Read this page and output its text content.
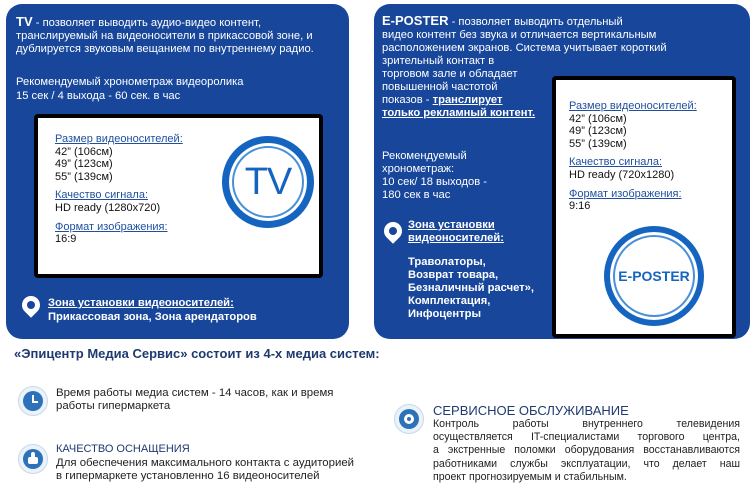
TV - позволяет выводить аудио-видео контент, транслируемый на видеоносители в прикассовой зоне, и дублируется звуковым вещанием по внутреннему радио.
Рекомендуемый хронометраж видеоролика
15 сек / 4 выхода - 60 сек. в час
Размер видеоносителей:
42” (106см)
49” (123см)
55” (139см)
Качество сигнала:
HD ready (1280x720)
Формат изображения:
16:9
TV
Зона установки видеоносителей:
Прикассовая зона, Зона арендаторов
E-POSTER - позволяет выводить отдельный
видео контент без звука и отличается вертикальным
расположением экранов. Система учитывает короткий
зрительный контакт в
торговом зале и обладает
повышенной частотой
показов - транслирует
только рекламный контент.
Рекомендуемый
хронометраж:
10 сек/ 18 выходов -
180 сек в час
Зона установки
видеоносителей:
Траволаторы,
Возврат товара,
Безналичный расчет»,
Комплектация,
Инфоцентры
Размер видеоносителей:
42” (106см)
49” (123см)
55” (139см)
Качество сигнала:
HD ready (720x1280)
Формат изображения:
9:16
E-POSTER
«Эпицентр Медиа Сервис» состоит из 4-х медиа систем:
Время работы медиа систем - 14 часов, как и время
работы гипермаркета
КАЧЕСТВО ОСНАЩЕНИЯ
Для обеспечения максимального контакта с аудиторией
в гипермаркете установленно 16 видеоносителей
СЕРВИСНОЕ ОБСЛУЖИВАНИЕ
Контроль работы внутреннего телевидения
осуществляется IT-специалистами торгового центра,
а экстренные поломки оборудования восстанавливаются
работниками службы эксплуатации, что делает наш
проект прогнозируемым и стабильным.
